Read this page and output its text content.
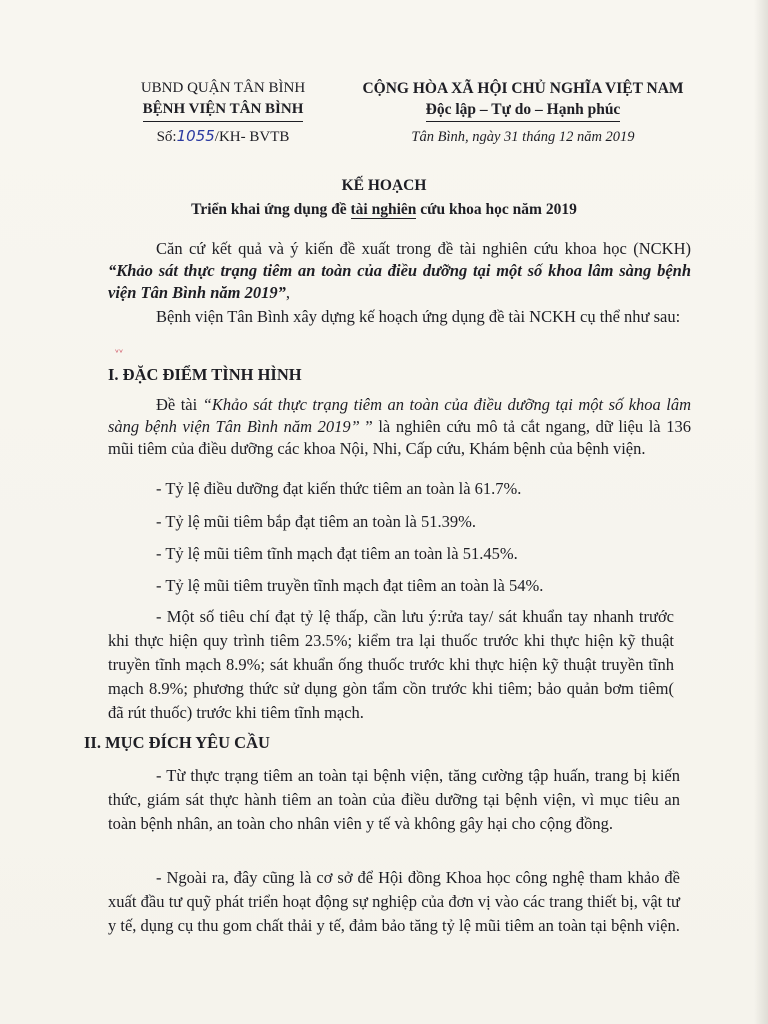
UBND QUẬN TÂN BÌNH
BỆNH VIỆN TÂN BÌNH
Số:1055/KH- BVTB
CỘNG HÒA XÃ HỘI CHỦ NGHĨA VIỆT NAM
Độc lập – Tự do – Hạnh phúc
Tân Bình, ngày 31 tháng 12 năm 2019
KẾ HOẠCH
Triển khai ứng dụng đề tài nghiên cứu khoa học năm 2019
Căn cứ kết quả và ý kiến đề xuất trong đề tài nghiên cứu khoa học (NCKH) “Khảo sát thực trạng tiêm an toàn của điều dưỡng tại một số khoa lâm sàng bệnh viện Tân Bình năm 2019”,
Bệnh viện Tân Bình xây dựng kế hoạch ứng dụng đề tài NCKH cụ thể như sau:
ᵛᵛ
I. ĐẶC ĐIỂM TÌNH HÌNH
Đề tài “Khảo sát thực trạng tiêm an toàn của điều dưỡng tại một số khoa lâm sàng bệnh viện Tân Bình năm 2019” ” là nghiên cứu mô tả cắt ngang, dữ liệu là 136 mũi tiêm của điều dưỡng các khoa Nội, Nhi, Cấp cứu, Khám bệnh của bệnh viện.
- Tỷ lệ điều dưỡng đạt kiến thức tiêm an toàn là 61.7%.
- Tỷ lệ mũi tiêm bắp đạt tiêm an toàn là 51.39%.
- Tỷ lệ mũi tiêm tĩnh mạch đạt tiêm an toàn là 51.45%.
- Tỷ lệ mũi tiêm truyền tĩnh mạch đạt tiêm an toàn là 54%.
- Một số tiêu chí đạt tỷ lệ thấp, cần lưu ý:rửa tay/ sát khuẩn tay nhanh trước khi thực hiện quy trình tiêm 23.5%; kiểm tra lại thuốc trước khi thực hiện kỹ thuật truyền tĩnh mạch 8.9%; sát khuẩn ống thuốc trước khi thực hiện kỹ thuật truyền tĩnh mạch 8.9%; phương thức sử dụng gòn tẩm cồn trước khi tiêm; bảo quản bơm tiêm( đã rút thuốc) trước khi tiêm tĩnh mạch.
II. MỤC ĐÍCH YÊU CẦU
- Từ thực trạng tiêm an toàn tại bệnh viện, tăng cường tập huấn, trang bị kiến thức, giám sát thực hành tiêm an toàn của điều dưỡng tại bệnh viện, vì mục tiêu an toàn bệnh nhân, an toàn cho nhân viên y tế và không gây hại cho cộng đồng.
- Ngoài ra, đây cũng là cơ sở để Hội đồng Khoa học công nghệ tham khảo đề xuất đầu tư quỹ phát triển hoạt động sự nghiệp của đơn vị vào các trang thiết bị, vật tư y tế, dụng cụ thu gom chất thải y tế, đảm bảo tăng tỷ lệ mũi tiêm an toàn tại bệnh viện.
